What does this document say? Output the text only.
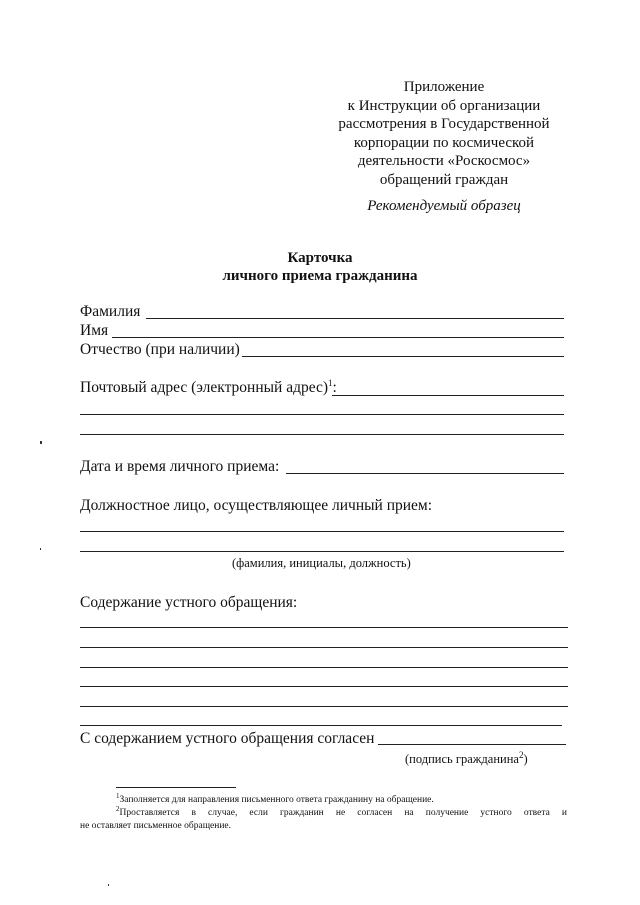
Приложение
к Инструкции об организации
рассмотрения в Государственной
корпорации по космической
деятельности «Роскосмос»
обращений граждан
Рекомендуемый образец
Карточка
личного приема гражданина
Фамилия
Имя
Отчество (при наличии)
Почтовый адрес (электронный адрес)$^1$:
Дата и время личного приема:
Должностное лицо, осуществляющее личный прием:
(фамилия, инициалы, должность)
Содержание устного обращения:
С содержанием устного обращения согласен
(подпись гражданина$^2$)
$^1$Заполняется для направления письменного ответа гражданину на обращение.
$^2$Проставляется в случае, если гражданин не согласен на получение устного ответа и
не оставляет письменное обращение.
